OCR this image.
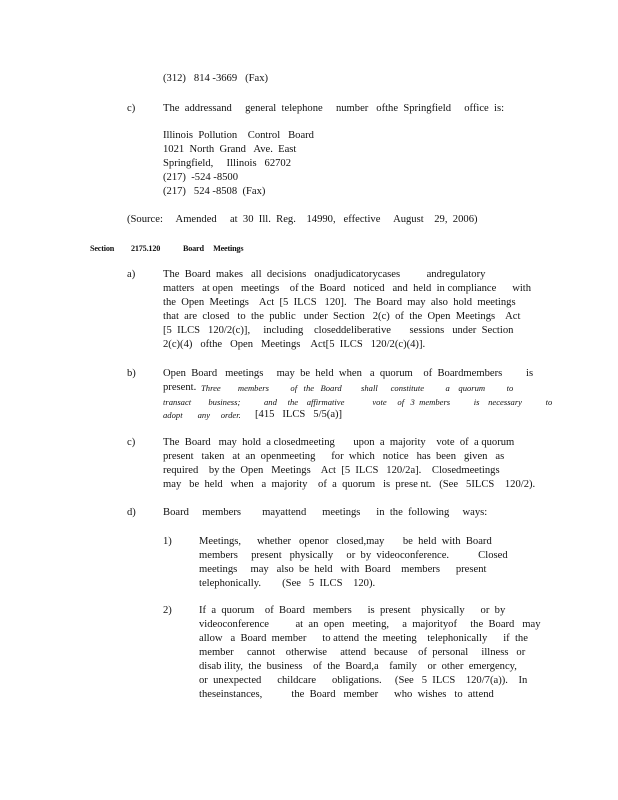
(312)   814 -3669   (Fax)
c)	The  addressand     general  telephone     number   ofthe  Springfield     office  is:
Illinois  Pollution    Control   Board
1021  North  Grand   Ave.  East
Springfield,     Illinois   62702
(217)  -524 -8500
(217)   524 -8508  (Fax)
(Source:     Amended     at  30  Ill.  Reg.    14990,   effective     August    29,  2006)
Section 2175.120	Board     Meetings
a)	The  Board  makes   all  decisions   onadjudicatorycases          andregulatory
matters   at open   meetings    of the  Board   noticed   and  held  in compliance      with
the  Open  Meetings    Act  [5  ILCS   120].   The  Board  may  also  hold  meetings
that  are  closed   to  the  public   under  Section   2(c)  of  the  Open  Meetings    Act
[5  ILCS   120/2(c)],     including    closeddeliberative       sessions   under  Section
2(c)(4)   ofthe   Open   Meetings    Act[5  ILCS   120/2(c)(4)].
b)	Open  Board   meetings     may  be  held  when   a  quorum    of  Boardmembers         is
present. Three        members          of   the   Board         shall      constitute          a    quorum          to
transact        business;           and     the    affirmative             vote     of   3  members           is    necessary           to
adopt       any     order. [415   ILCS   5/5(a)]
c)	The  Board   may  hold  a closedmeeting       upon  a  majority    vote  of  a quorum
present   taken   at  an  openmeeting      for  which   notice   has  been   given   as
required    by the  Open   Meetings    Act  [5  ILCS   120/2a].    Closedmeetings
may   be  held   when   a  majority    of  a  quorum   is  prese nt.   (See   5ILCS    120/2).
d)	Board     members        mayattend      meetings      in  the  following     ways:
1)	Meetings,      whether   openor   closed,may       be  held  with  Board
members     present   physically     or  by  videoconference.           Closed
meetings     may   also  be  held   with  Board    members      present
telephonically.        (See   5  ILCS    120).
2)	If  a  quorum    of  Board   members      is  present    physically      or  by
videoconference          at  an  open   meeting,     a  majorityof     the  Board   may
allow   a  Board  member      to attend  the  meeting    telephonically      if  the
member     cannot    otherwise     attend   because    of  personal     illness   or
disab ility,  the  business    of  the  Board,a    family    or  other  emergency,
or  unexpected      childcare      obligations.     (See   5  ILCS    120/7(a)).    In
theseinstances,           the  Board   member      who  wishes   to  attend
